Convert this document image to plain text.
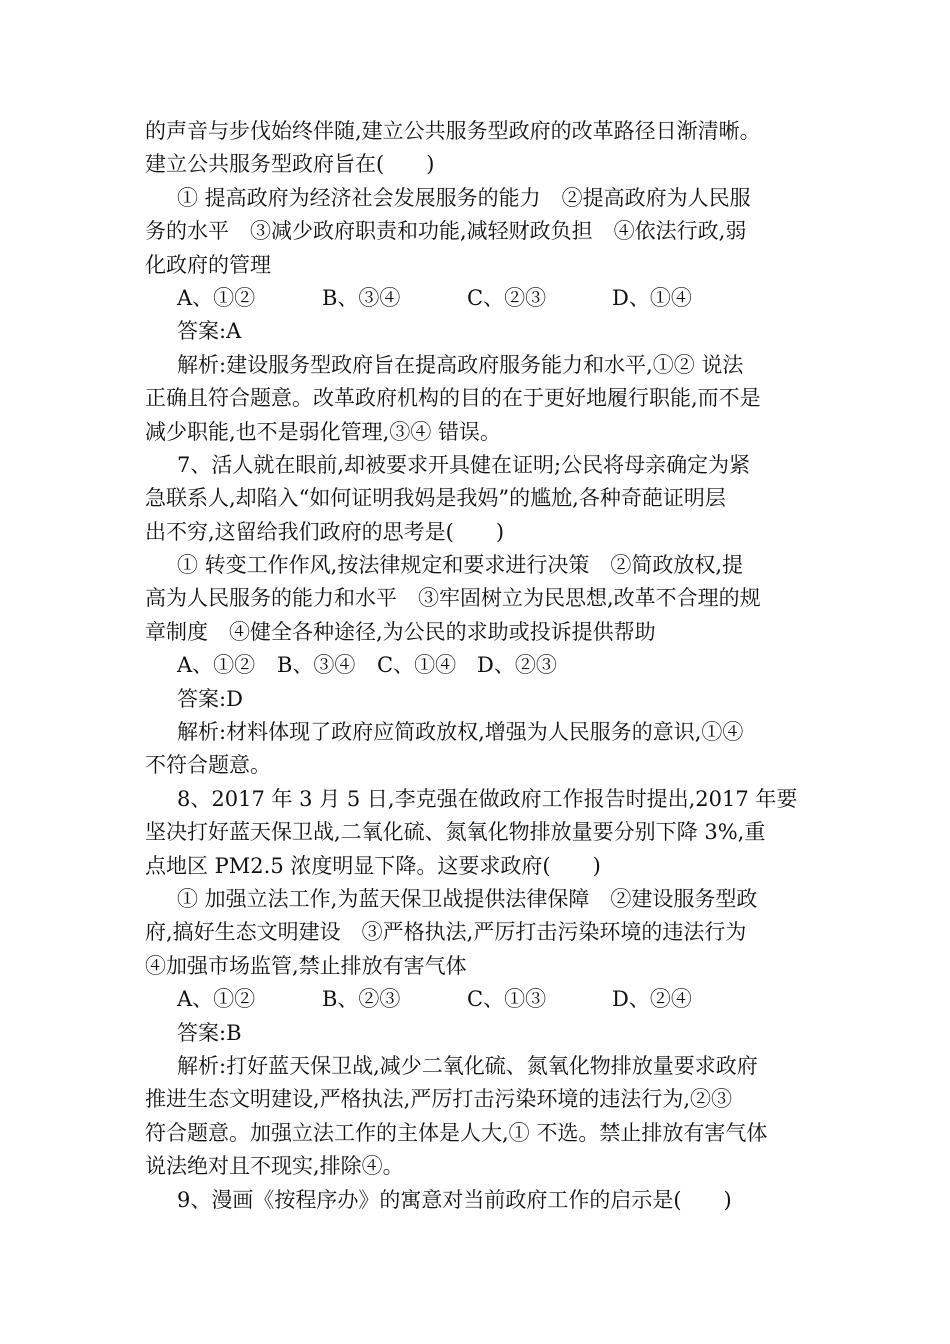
的声音与步伐始终伴随,建立公共服务型政府的改革路径日渐清晰。
建立公共服务型政府旨在(　　)
① 提高政府为经济社会发展服务的能力　②提高政府为人民服
务的水平　③减少政府职责和功能,减轻财政负担　④依法行政,弱
化政府的管理
A、①②	B、③④	C、②③	D、①④
答案:A
解析:建设服务型政府旨在提高政府服务能力和水平,①② 说法
正确且符合题意。改革政府机构的目的在于更好地履行职能,而不是
减少职能,也不是弱化管理,③④ 错误。
7、活人就在眼前,却被要求开具健在证明;公民将母亲确定为紧
急联系人,却陷入“如何证明我妈是我妈”的尴尬,各种奇葩证明层
出不穷,这留给我们政府的思考是(　　)
① 转变工作作风,按法律规定和要求进行决策　②简政放权,提
高为人民服务的能力和水平　③牢固树立为民思想,改革不合理的规
章制度　④健全各种途径,为公民的求助或投诉提供帮助
A、①② B、③④ C、①④ D、②③
答案:D
解析:材料体现了政府应简政放权,增强为人民服务的意识,①④
不符合题意。
8、2017 年 3 月 5 日,李克强在做政府工作报告时提出,2017 年要
坚决打好蓝天保卫战,二氧化硫、氮氧化物排放量要分别下降 3%,重
点地区 PM2.5 浓度明显下降。这要求政府(　　)
① 加强立法工作,为蓝天保卫战提供法律保障　②建设服务型政
府,搞好生态文明建设　③严格执法,严厉打击污染环境的违法行为
④加强市场监管,禁止排放有害气体
A、①②	B、②③	C、①③	D、②④
答案:B
解析:打好蓝天保卫战,减少二氧化硫、氮氧化物排放量要求政府
推进生态文明建设,严格执法,严厉打击污染环境的违法行为,②③
符合题意。加强立法工作的主体是人大,① 不选。禁止排放有害气体
说法绝对且不现实,排除④。
9、漫画《按程序办》的寓意对当前政府工作的启示是(　　)
